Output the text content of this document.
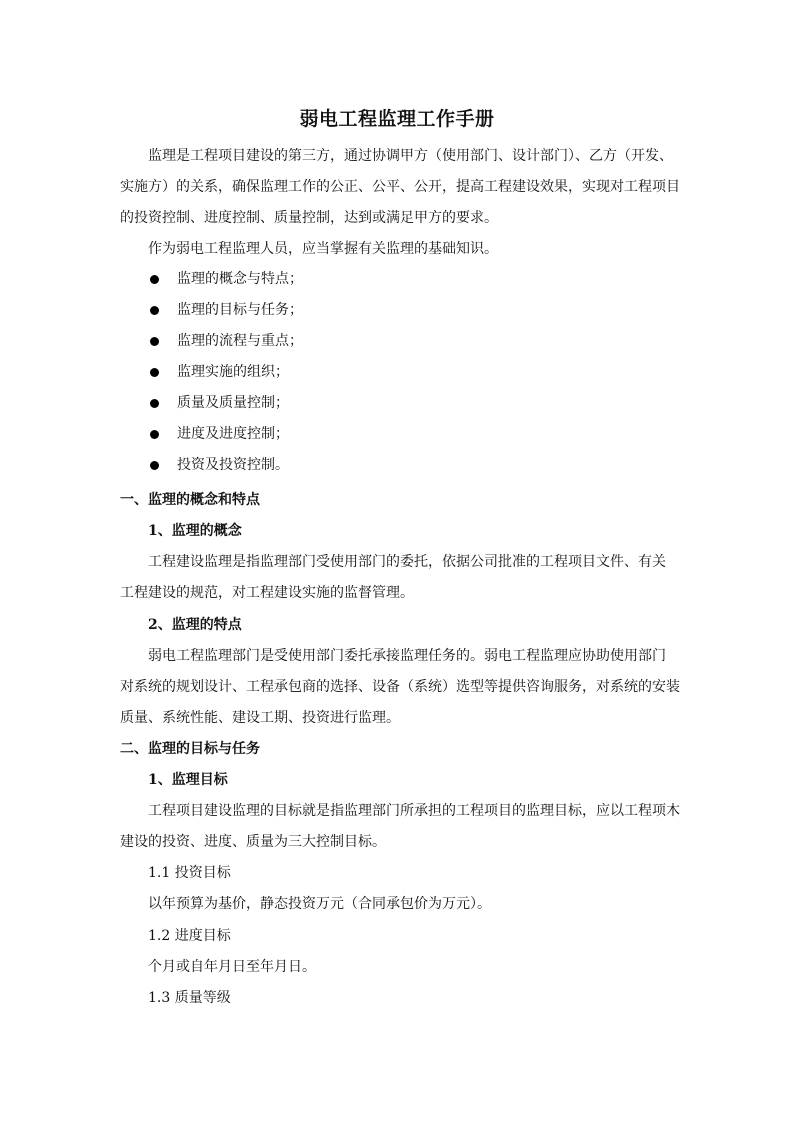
弱电工程监理工作手册
监理是工程项目建设的第三方，通过协调甲方（使用部门、设计部门）、乙方（开发、
实施方）的关系，确保监理工作的公正、公平、公开，提高工程建设效果，实现对工程项目
的投资控制、进度控制、质量控制，达到或满足甲方的要求。
作为弱电工程监理人员，应当掌握有关监理的基础知识。
监理的概念与特点；
监理的目标与任务；
监理的流程与重点；
监理实施的组织；
质量及质量控制；
进度及进度控制；
投资及投资控制。
一、监理的概念和特点
1、监理的概念
工程建设监理是指监理部门受使用部门的委托，依据公司批准的工程项目文件、有关
工程建设的规范，对工程建设实施的监督管理。
2、监理的特点
弱电工程监理部门是受使用部门委托承接监理任务的。弱电工程监理应协助使用部门
对系统的规划设计、工程承包商的选择、设备（系统）选型等提供咨询服务，对系统的安装
质量、系统性能、建设工期、投资进行监理。
二、监理的目标与任务
1、监理目标
工程项目建设监理的目标就是指监理部门所承担的工程项目的监理目标，应以工程项木
建设的投资、进度、质量为三大控制目标。
1.1 投资目标
以年预算为基价，静态投资万元（合同承包价为万元）。
1.2 进度目标
个月或自年月日至年月日。
1.3 质量等级
